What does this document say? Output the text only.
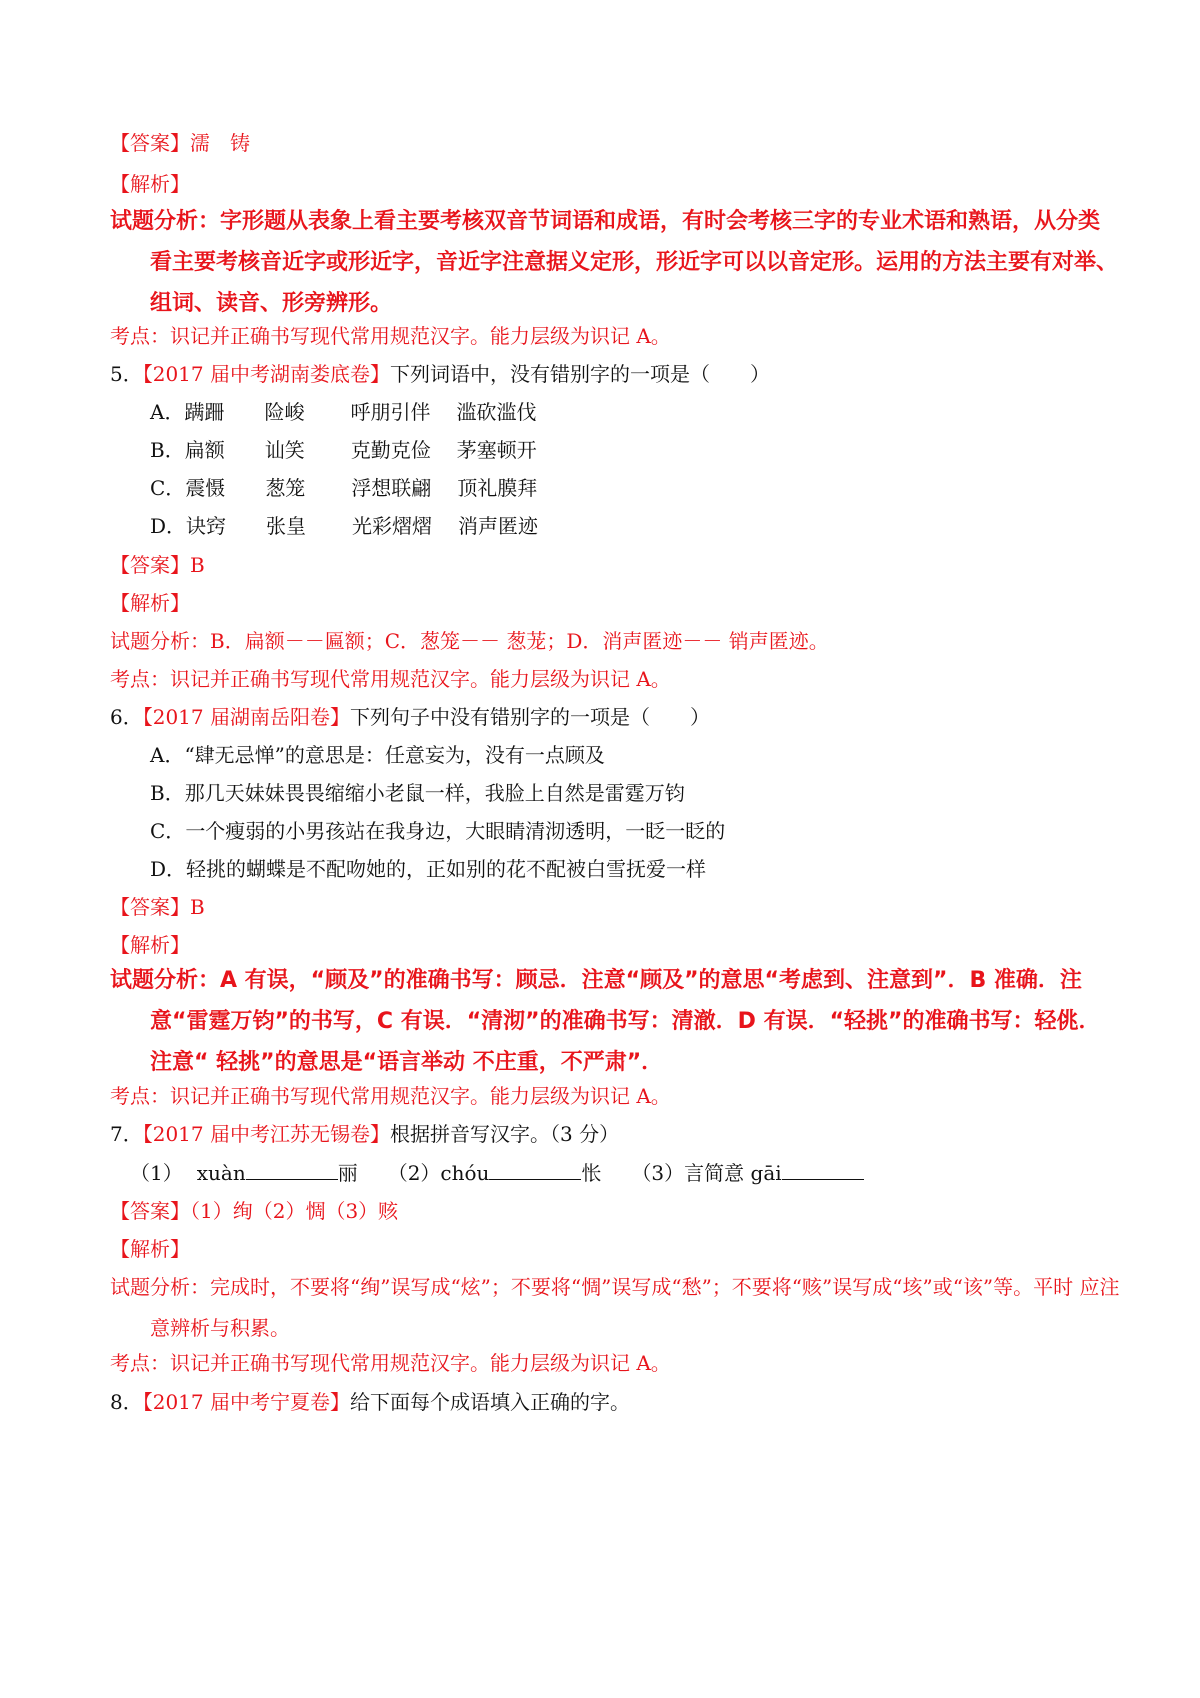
【答案】濡　铸
【解析】
试题分析：字形题从表象上看主要考核双音节词语和成语，有时会考核三字的专业术语和熟语，从分类看主要考核音近字或形近字，音近字注意据义定形，形近字可以以音定形。运用的方法主要有对举、组词、读音、形旁辨形。
考点：识记并正确书写现代常用规范汉字。能力层级为识记 A。
5．【2017 届中考湖南娄底卷】下列词语中，没有错别字的一项是（　　）
A．蹒跚 险峻 呼朋引伴 滥砍滥伐
B．扁额 讪笑 克勤克俭 茅塞顿开
C．震慑 葱笼 浮想联翩 顶礼膜拜
D．诀窍 张皇 光彩熠熠 消声匿迹
【答案】B
【解析】
试题分析：B．扁额－－匾额；C．葱笼－－ 葱茏；D．消声匿迹－－ 销声匿迹。
考点：识记并正确书写现代常用规范汉字。能力层级为识记 A。
6．【2017 届湖南岳阳卷】下列句子中没有错别字的一项是（　　）
A．“肆无忌惮”的意思是：任意妄为，没有一点顾及
B．那几天妹妹畏畏缩缩小老鼠一样，我脸上自然是雷霆万钧
C．一个瘦弱的小男孩站在我身边，大眼睛清沏透明，一眨一眨的
D．轻挑的蝴蝶是不配吻她的，正如别的花不配被白雪抚爱一样
【答案】B
【解析】
试题分析：A 有误，“顾及”的准确书写：顾忌．注意“顾及”的意思“考虑到、注意到”．B 准确．注意“雷霆万钧”的书写，C 有误．“清沏”的准确书写：清澈．D 有误．“轻挑”的准确书写：轻佻．注意“ 轻挑”的意思是“语言举动 不庄重，不严肃”．
考点：识记并正确书写现代常用规范汉字。能力层级为识记 A。
7．【2017 届中考江苏无锡卷】根据拼音写汉字。（3 分）
（1） xuàn	丽 （2）chóu	怅 （3）言简意 gāi
【答案】（1）绚（2）惆（3）赅
【解析】
试题分析：完成时，不要将“绚”误写成“炫”；不要将“惆”误写成“愁”；不要将“赅”误写成“垓”或“该”等。平时 应注意辨析与积累。
考点：识记并正确书写现代常用规范汉字。能力层级为识记 A。
8．【2017 届中考宁夏卷】给下面每个成语填入正确的字。
